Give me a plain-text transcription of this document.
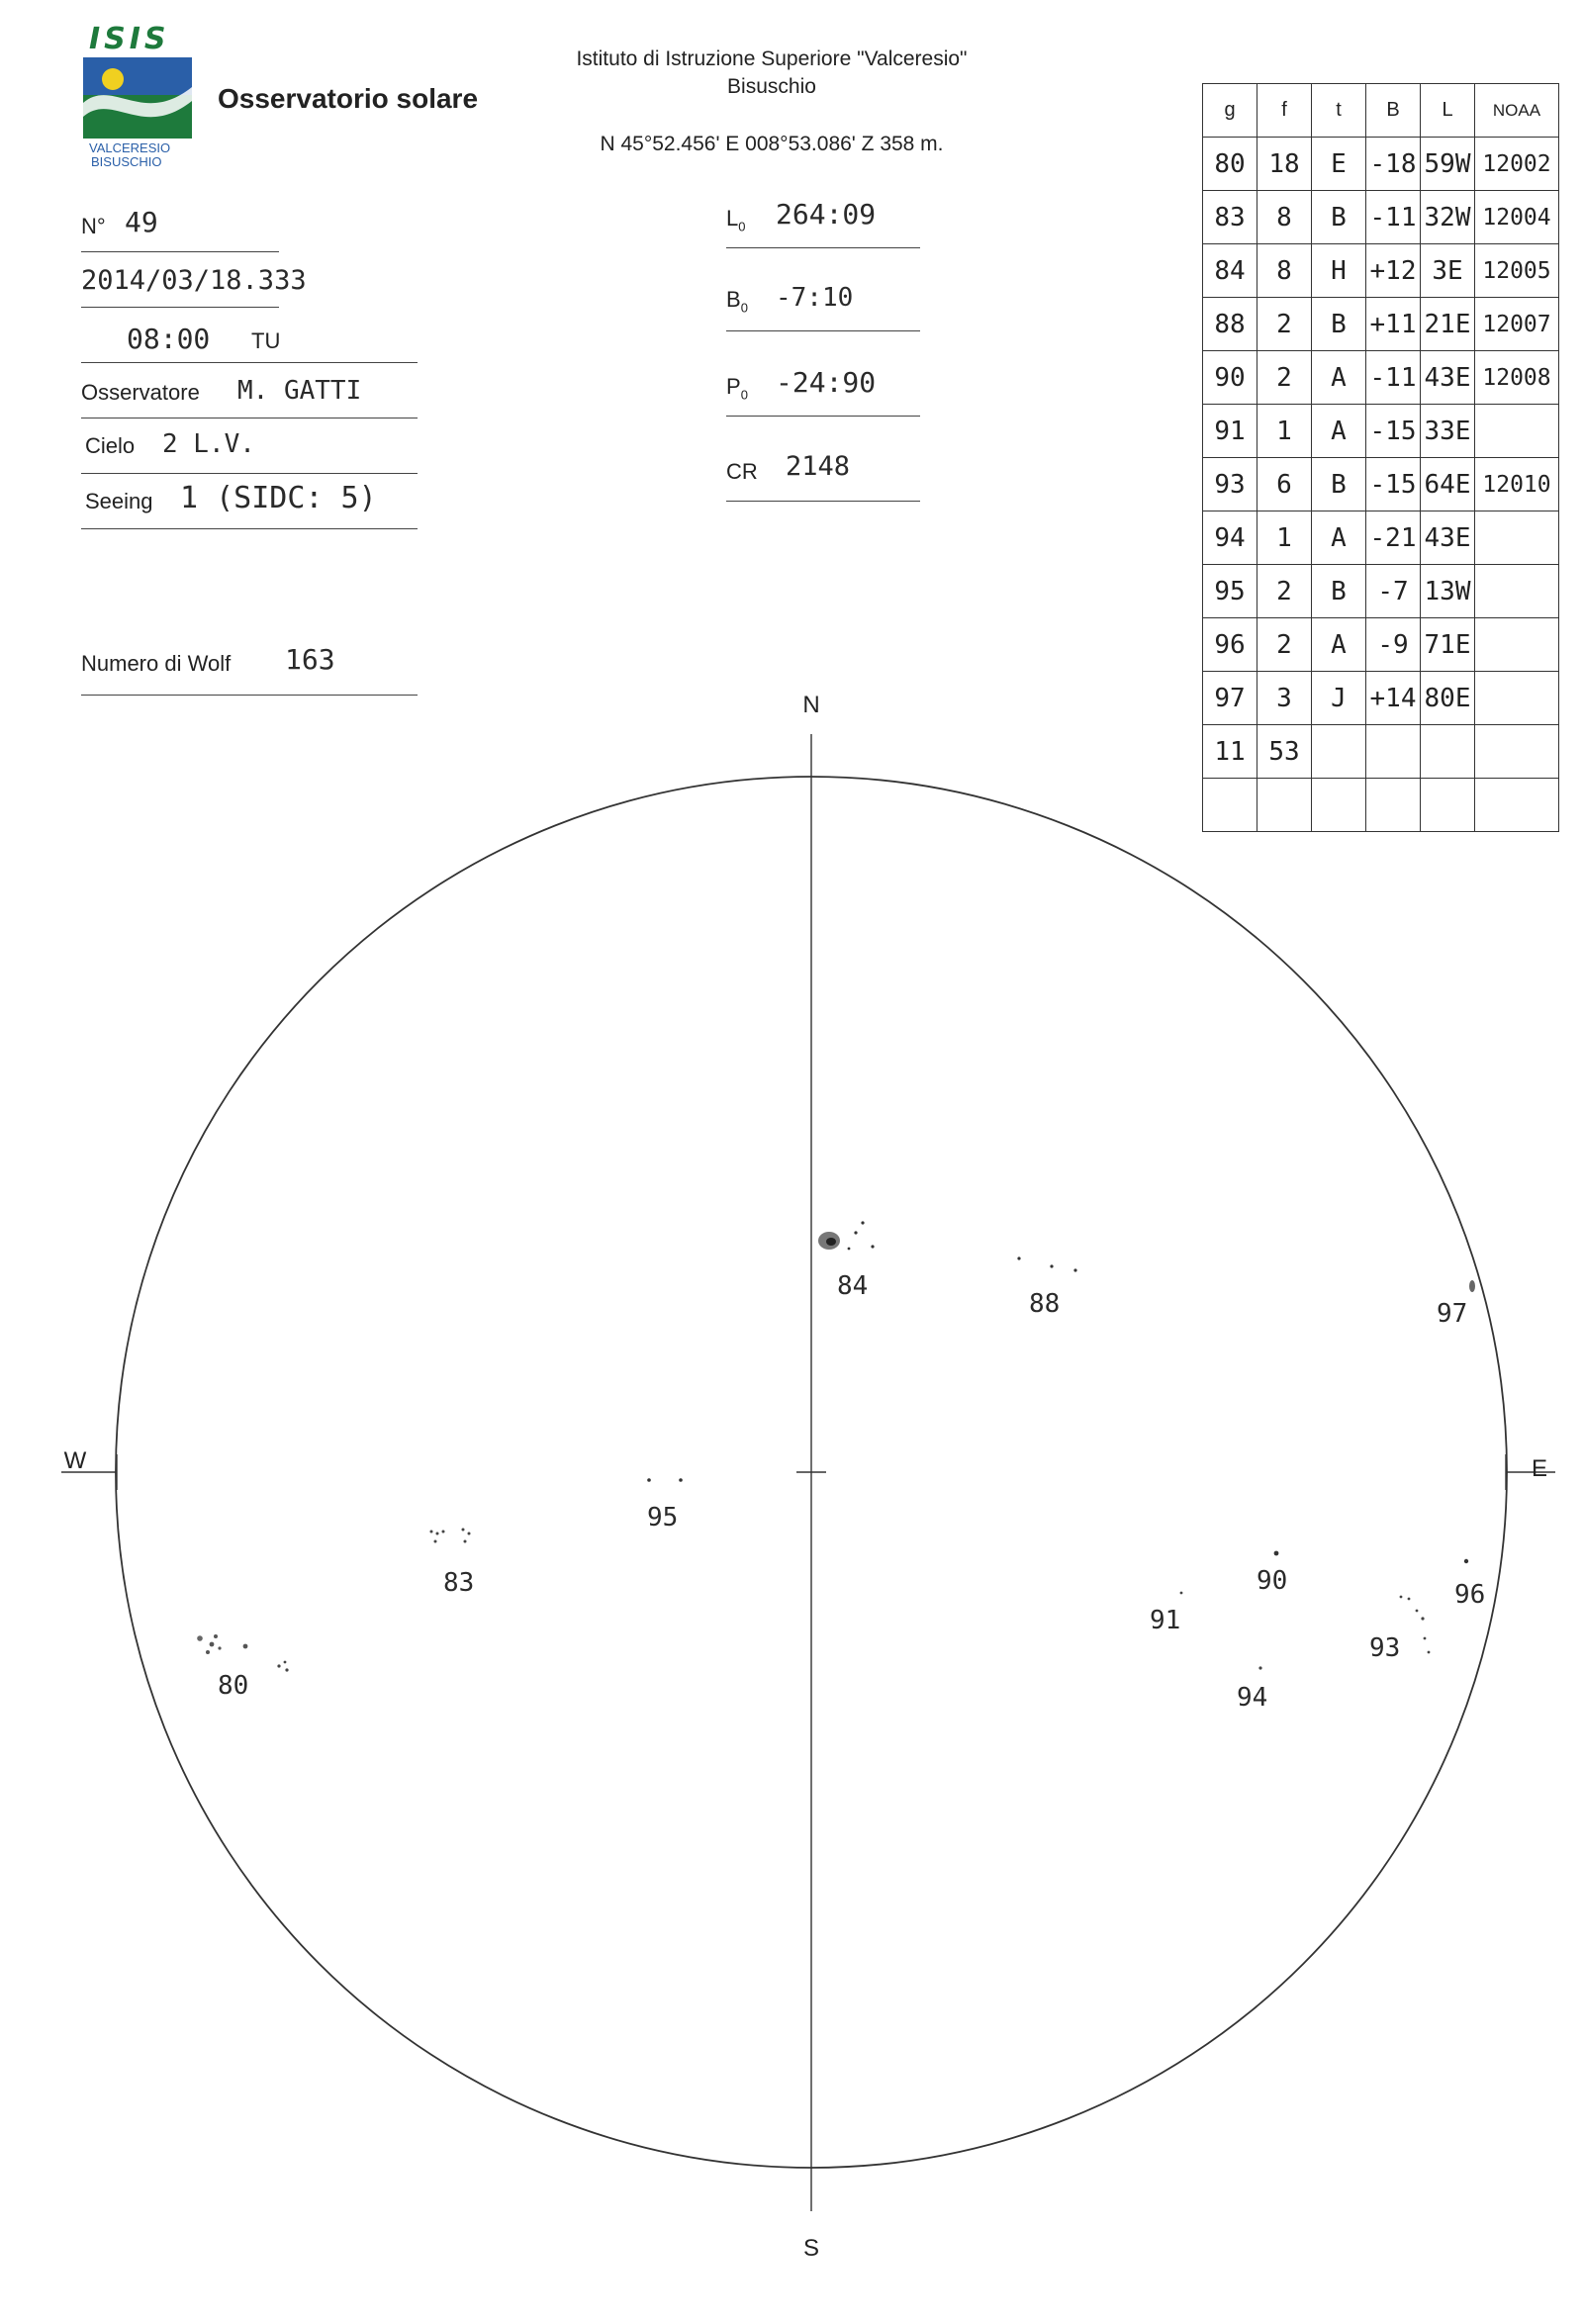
ISIS
VALCERESIO
BISUSCHIO
Osservatorio solare
Istituto di Istruzione Superiore "Valceresio"
Bisuschio
N 45°52.456' E 008°53.086' Z 358 m.
N° 49
2014/03/18.333
08:00 TU
Osservatore M. GATTI
Cielo 2 L.V.
Seeing 1 (SIDC: 5)
Numero di Wolf 163
$L_0$ 264:09
$B_0$ -7:10
$P_0$ -24:90
CR 2148
g	f	t	B	L	NOAA
80	18	E	-18	59W	12002
83	8	B	-11	32W	12004
84	8	H	+12	3E	12005
88	2	B	+11	21E	12007
90	2	A	-11	43E	12008
91	1	A	-15	33E	
93	6	B	-15	64E	12010
94	1	A	-21	43E	
95	2	B	-7	13W	
96	2	A	-9	71E	
97	3	J	+14	80E	
11	53				

N
S
W	E
84
88	97
95
83
80
90
91
93
96
94
